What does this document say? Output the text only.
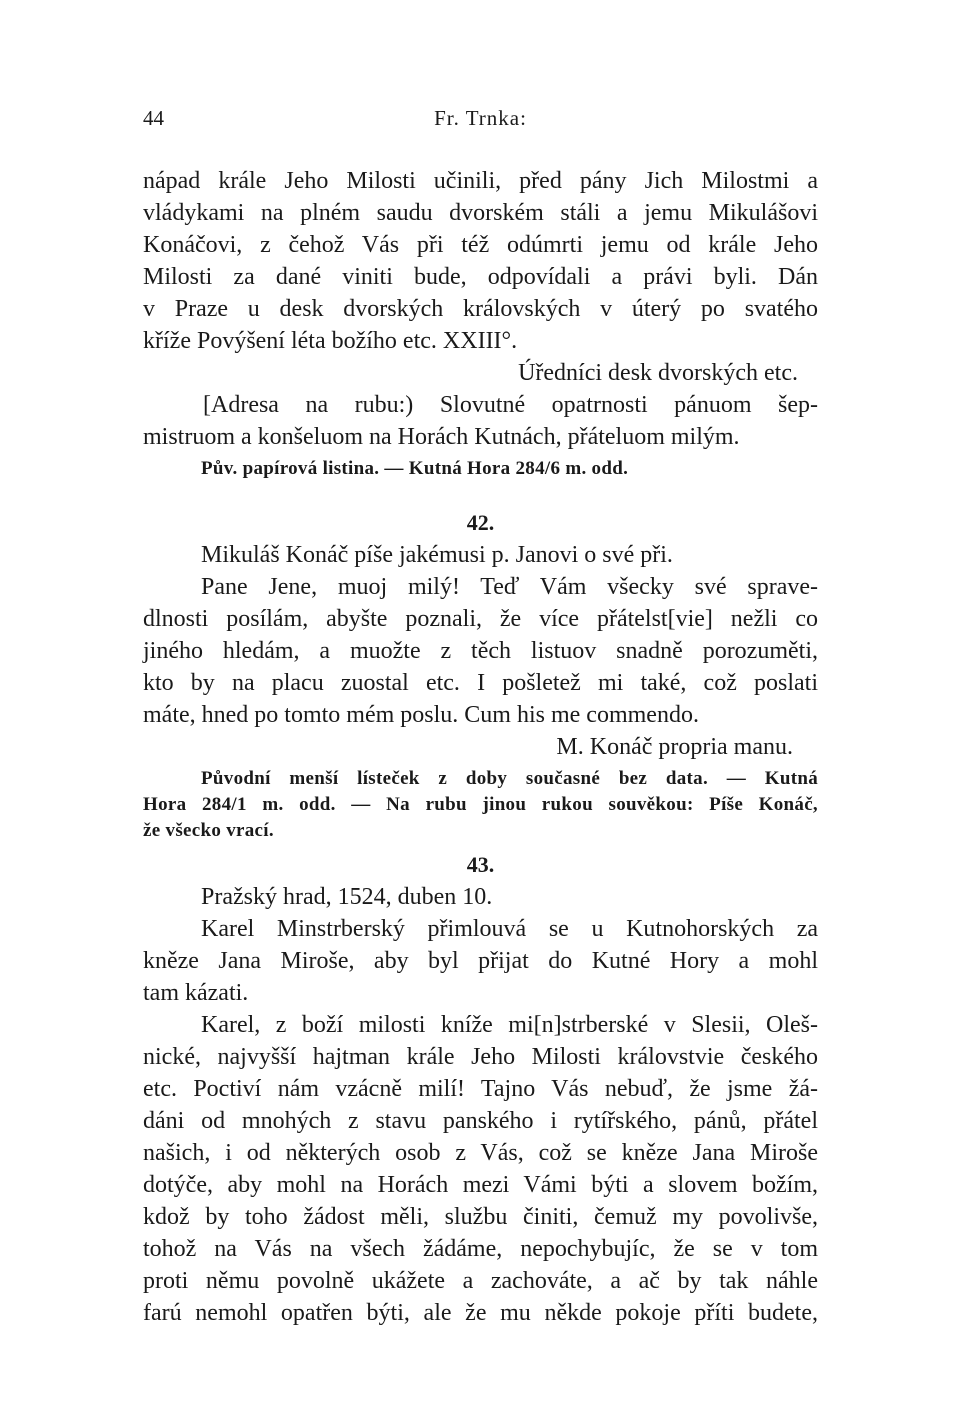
44	Fr. Trnka:
nápad krále Jeho Milosti učinili, před pány Jich Milostmi a
vládykami na plném saudu dvorském stáli a jemu Mikulášovi
Konáčovi, z čehož Vás při též odúmrti jemu od krále Jeho
Milosti za dané viniti bude, odpovídali a právi byli. Dán
v Praze u desk dvorských královských v úterý po svatého
kříže Povýšení léta božího etc. XXIII°.
Úředníci desk dvorských etc.
[Adresa na rubu:) Slovutné opatrnosti pánuom šep-
mistruom a konšeluom na Horách Kutnách, přáteluom milým.
Pův. papírová listina. — Kutná Hora 284/6 m. odd.
42.
Mikuláš Konáč píše jakémusi p. Janovi o své při.
Pane Jene, muoj milý! Teď Vám všecky své sprave-
dlnosti posílám, abyšte poznali, že více přátelst[vie] nežli co
jiného hledám, a muožte z těch listuov snadně porozuměti,
kto by na placu zuostal etc. I pošletež mi také, což poslati
máte, hned po tomto mém poslu. Cum his me commendo.
M. Konáč propria manu.
Původní menší lísteček z doby současné bez data. — Kutná
Hora 284/1 m. odd. — Na rubu jinou rukou souvěkou: Píše Konáč,
že všecko vrací.
43.
Pražský hrad, 1524, duben 10.
Karel Minstrberský přimlouvá se u Kutnohorských za
kněze Jana Miroše, aby byl přijat do Kutné Hory a mohl
tam kázati.
Karel, z boží milosti kníže mi[n]strberské v Slesii, Oleš-
nické, najvyšší hajtman krále Jeho Milosti královstvie českého
etc. Poctiví nám vzácně milí! Tajno Vás nebuď, že jsme žá-
dáni od mnohých z stavu panského i rytířského, pánů, přátel
našich, i od některých osob z Vás, což se kněze Jana Miroše
dotýče, aby mohl na Horách mezi Vámi býti a slovem božím,
kdož by toho žádost měli, službu činiti, čemuž my povolivše,
tohož na Vás na všech žádáme, nepochybujíc, že se v tom
proti němu povolně ukážete a zachováte, a ač by tak náhle
farú nemohl opatřen býti, ale že mu někde pokoje příti budete,
